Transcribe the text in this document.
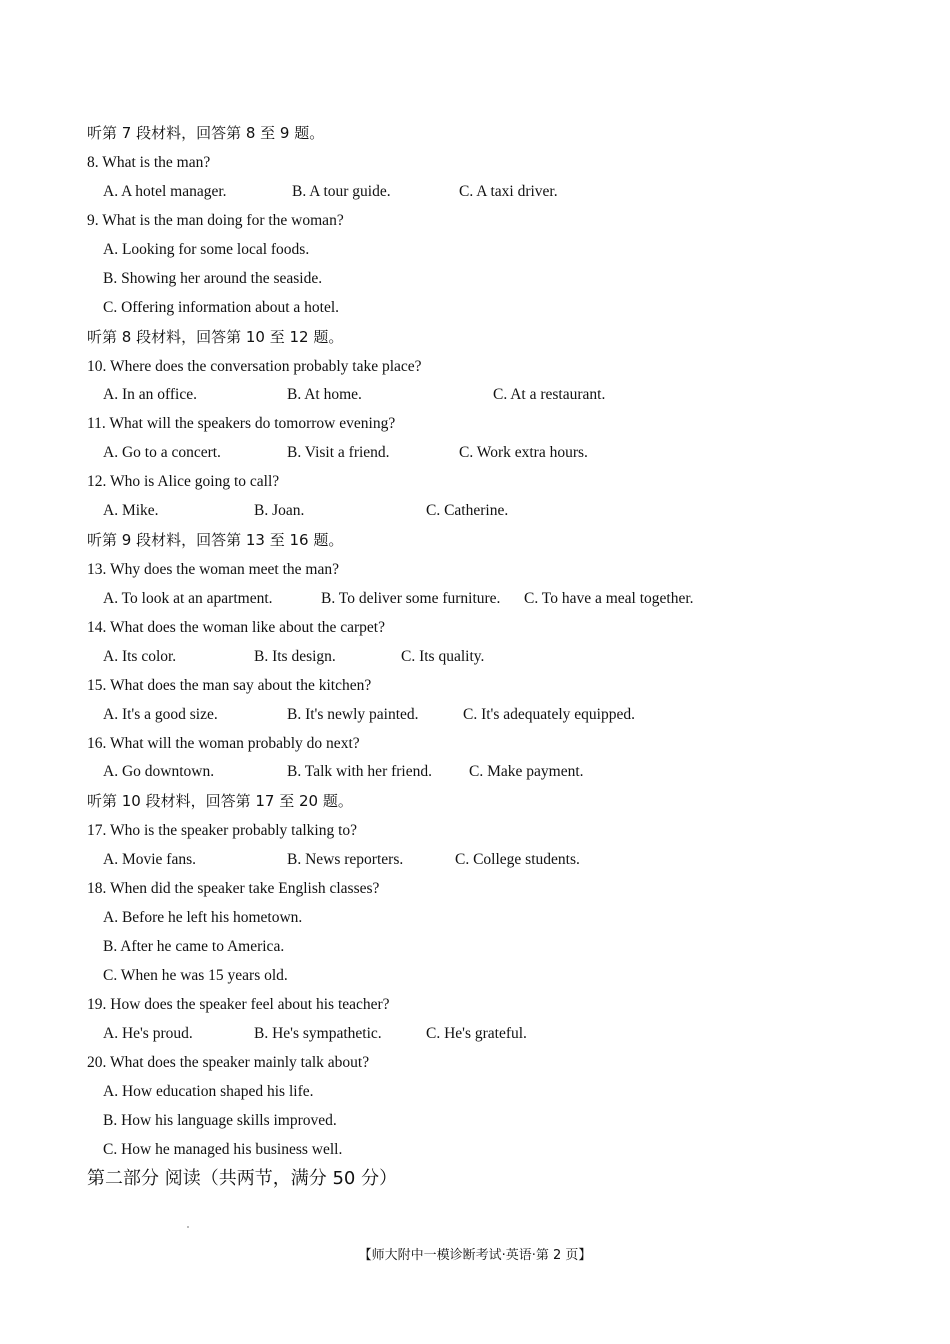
听第 7 段材料，回答第 8 至 9 题。
8. What is the man?
A. A hotel manager.	B. A tour guide.	C. A taxi driver.
9. What is the man doing for the woman?
A. Looking for some local foods.
B. Showing her around the seaside.
C. Offering information about a hotel.
听第 8 段材料，回答第 10 至 12 题。
10. Where does the conversation probably take place?
A. In an office.	B. At home.	C. At a restaurant.
11. What will the speakers do tomorrow evening?
A. Go to a concert.	B. Visit a friend.	C. Work extra hours.
12. Who is Alice going to call?
A. Mike.	B. Joan.	C. Catherine.
听第 9 段材料，回答第 13 至 16 题。
13. Why does the woman meet the man?
A. To look at an apartment.	B. To deliver some furniture. C. To have a meal together.
14. What does the woman like about the carpet?
A. Its color.	B. Its design.	C. Its quality.
15. What does the man say about the kitchen?
A. It's a good size.	B. It's newly painted.	C. It's adequately equipped.
16. What will the woman probably do next?
A. Go downtown.	B. Talk with her friend. C. Make payment.
听第 10 段材料，回答第 17 至 20 题。
17. Who is the speaker probably talking to?
A. Movie fans.	B. News reporters.	C. College students.
18. When did the speaker take English classes?
A. Before he left his hometown.
B. After he came to America.
C. When he was 15 years old.
19. How does the speaker feel about his teacher?
A. He's proud.	B. He's sympathetic.	C. He's grateful.
20. What does the speaker mainly talk about?
A. How education shaped his life.
B. How his language skills improved.
C. How he managed his business well.
第二部分 阅读（共两节，满分 50 分）
【师大附中一模诊断考试·英语·第 2 页】
